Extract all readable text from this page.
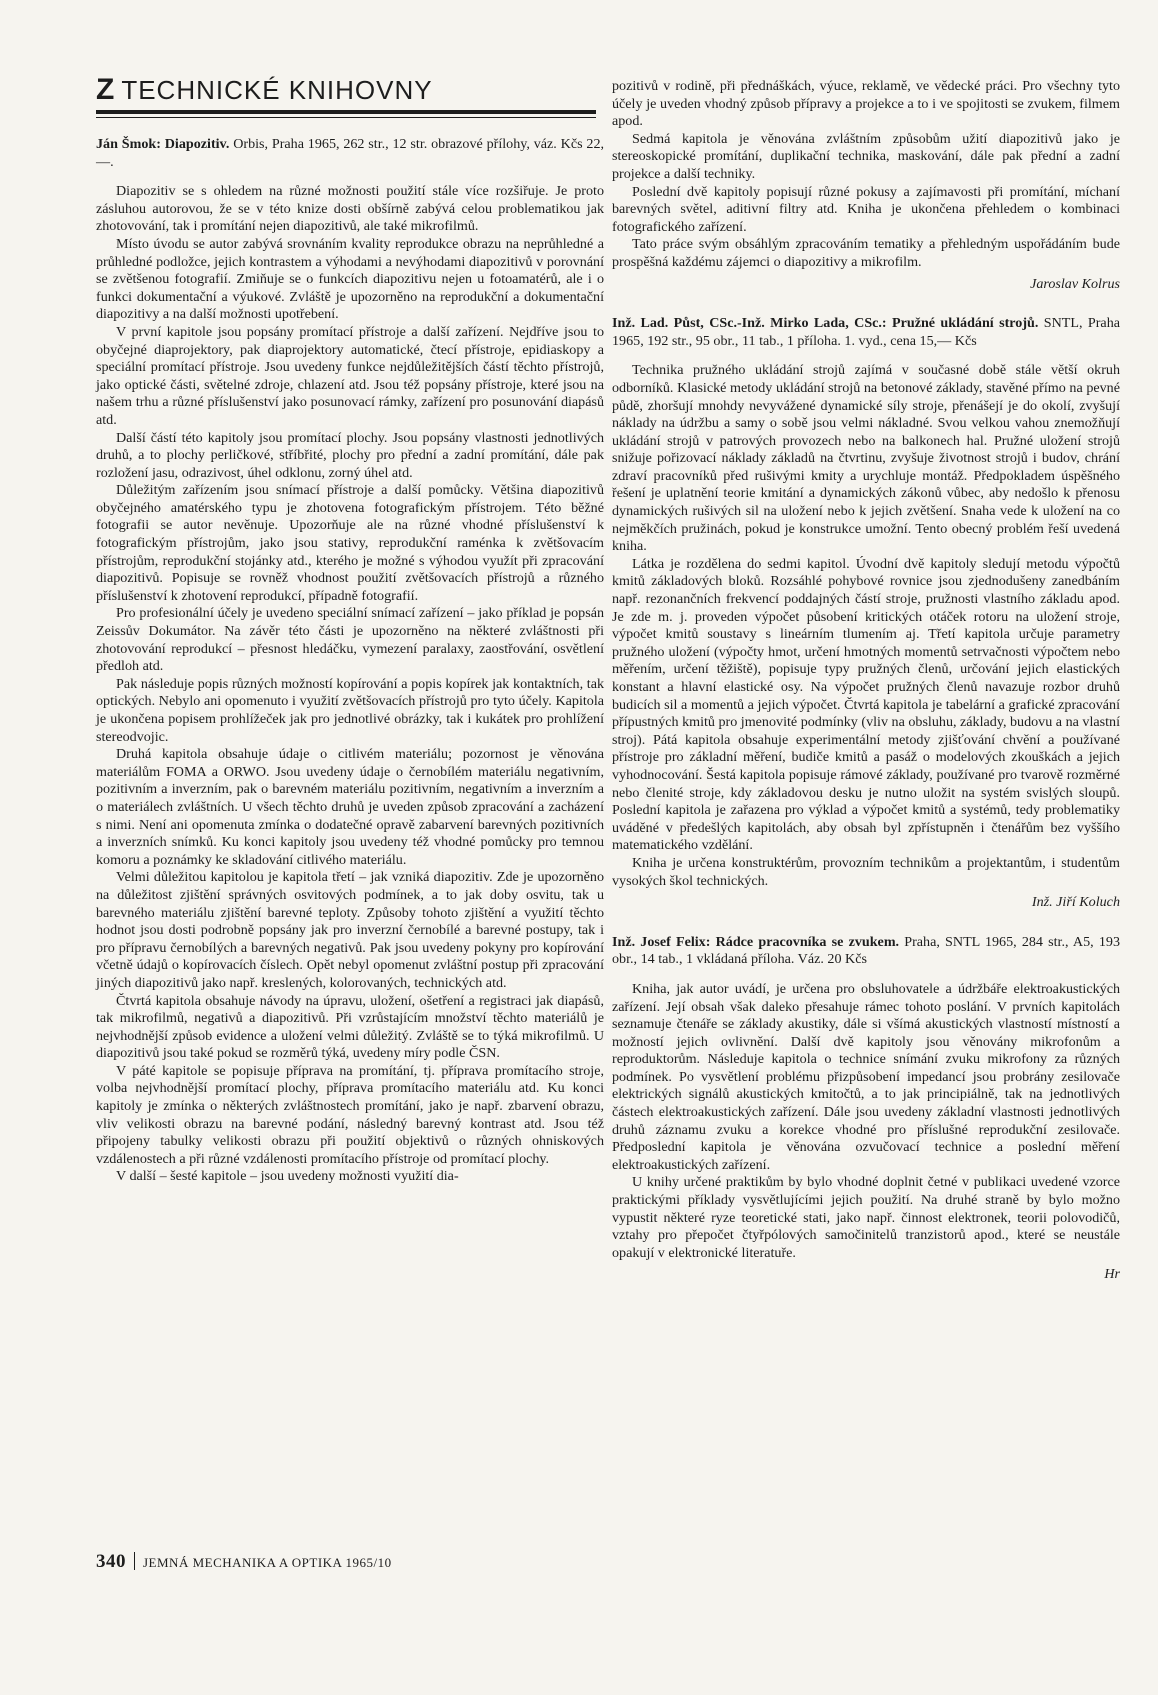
Z TECHNICKÉ KNIHOVNY

Ján Šmok: Diapozitiv. Orbis, Praha 1965, 262 str., 12 str. obrazové přílohy, váz. Kčs 22,—.

Diapozitiv se s ohledem na různé možnosti použití stále více rozšiřuje. Je proto zásluhou autorovou, že se v této knize dosti obšírně zabývá celou problematikou jak zhotovování, tak i promítání nejen diapozitivů, ale také mikrofilmů.

Místo úvodu se autor zabývá srovnáním kvality reprodukce obrazu na neprůhledné a průhledné podložce, jejich kontrastem a výhodami a nevýhodami diapozitivů v porovnání se zvětšenou fotografií. Zmiňuje se o funkcích diapozitivu nejen u fotoamatérů, ale i o funkci dokumentační a výukové. Zvláště je upozorněno na reprodukční a dokumentační diapozitivy a na další možnosti upotřebení.

V první kapitole jsou popsány promítací přístroje a další zařízení. Nejdříve jsou to obyčejné diaprojektory, pak diaprojektory automatické, čtecí přístroje, epidiaskopy a speciální promítací přístroje. Jsou uvedeny funkce nejdůležitějších částí těchto přístrojů, jako optické části, světelné zdroje, chlazení atd. Jsou též popsány přístroje, které jsou na našem trhu a různé příslušenství jako posunovací rámky, zařízení pro posunování diapásů atd.

Další částí této kapitoly jsou promítací plochy. Jsou popsány vlastnosti jednotlivých druhů, a to plochy perličkové, stříbřité, plochy pro přední a zadní promítání, dále pak rozložení jasu, odrazivost, úhel odklonu, zorný úhel atd.

Důležitým zařízením jsou snímací přístroje a další pomůcky. Většina diapozitivů obyčejného amatérského typu je zhotovena fotografickým přístrojem. Této běžné fotografii se autor nevěnuje. Upozorňuje ale na různé vhodné příslušenství k fotografickým přístrojům, jako jsou stativy, reprodukční raménka k zvětšovacím přístrojům, reprodukční stojánky atd., kterého je možné s výhodou využít při zpracování diapozitivů. Popisuje se rovněž vhodnost použití zvětšovacích přístrojů a různého příslušenství k zhotovení reprodukcí, případně fotografií.

Pro profesionální účely je uvedeno speciální snímací zařízení – jako příklad je popsán Zeissův Dokumátor. Na závěr této části je upozorněno na některé zvláštnosti při zhotovování reprodukcí – přesnost hledáčku, vymezení paralaxy, zaostřování, osvětlení předloh atd.

Pak následuje popis různých možností kopírování a popis kopírek jak kontaktních, tak optických. Nebylo ani opomenuto i využití zvětšovacích přístrojů pro tyto účely. Kapitola je ukončena popisem prohlížeček jak pro jednotlivé obrázky, tak i kukátek pro prohlížení stereodvojic.

Druhá kapitola obsahuje údaje o citlivém materiálu; pozornost je věnována materiálům FOMA a ORWO. Jsou uvedeny údaje o černobílém materiálu negativním, pozitivním a inverzním, pak o barevném materiálu pozitivním, negativním a inverzním a o materiálech zvláštních. U všech těchto druhů je uveden způsob zpracování a zacházení s nimi. Není ani opomenuta zmínka o dodatečné opravě zabarvení barevných pozitivních a inverzních snímků. Ku konci kapitoly jsou uvedeny též vhodné pomůcky pro temnou komoru a poznámky ke skladování citlivého materiálu.

Velmi důležitou kapitolou je kapitola třetí – jak vzniká diapozitiv. Zde je upozorněno na důležitost zjištění správných osvitových podmínek, a to jak doby osvitu, tak u barevného materiálu zjištění barevné teploty. Způsoby tohoto zjištění a využití těchto hodnot jsou dosti podrobně popsány jak pro inverzní černobílé a barevné postupy, tak i pro přípravu černobílých a barevných negativů. Pak jsou uvedeny pokyny pro kopírování včetně údajů o kopírovacích číslech. Opět nebyl opomenut zvláštní postup při zpracování jiných diapozitivů jako např. kreslených, kolorovaných, technických atd.

Čtvrtá kapitola obsahuje návody na úpravu, uložení, ošetření a registraci jak diapásů, tak mikrofilmů, negativů a diapozitivů. Při vzrůstajícím množství těchto materiálů je nejvhodnější způsob evidence a uložení velmi důležitý. Zvláště se to týká mikrofilmů. U diapozitivů jsou také pokud se rozměrů týká, uvedeny míry podle ČSN.

V páté kapitole se popisuje příprava na promítání, tj. příprava promítacího stroje, volba nejvhodnější promítací plochy, příprava promítacího materiálu atd. Ku konci kapitoly je zmínka o některých zvláštnostech promítání, jako je např. zbarvení obrazu, vliv velikosti obrazu na barevné podání, následný barevný kontrast atd. Jsou též připojeny tabulky velikosti obrazu při použití objektivů o různých ohniskových vzdálenostech a při různé vzdálenosti promítacího přístroje od promítací plochy.

V další – šesté kapitole – jsou uvedeny možnosti využití dia-

pozitivů v rodině, při přednáškách, výuce, reklamě, ve vědecké práci. Pro všechny tyto účely je uveden vhodný způsob přípravy a projekce a to i ve spojitosti se zvukem, filmem apod.

Sedmá kapitola je věnována zvláštním způsobům užití diapozitivů jako je stereoskopické promítání, duplikační technika, maskování, dále pak přední a zadní projekce a další techniky.

Poslední dvě kapitoly popisují různé pokusy a zajímavosti při promítání, míchaní barevných světel, aditivní filtry atd. Kniha je ukončena přehledem o kombinaci fotografického zařízení.

Tato práce svým obsáhlým zpracováním tematiky a přehledným uspořádáním bude prospěšná každému zájemci o diapozitivy a mikrofilm.

Jaroslav Kolrus

Inž. Lad. Půst, CSc.-Inž. Mirko Lada, CSc.: Pružné ukládání strojů. SNTL, Praha 1965, 192 str., 95 obr., 11 tab., 1 příloha. 1. vyd., cena 15,— Kčs

Technika pružného ukládání strojů zajímá v současné době stále větší okruh odborníků. Klasické metody ukládání strojů na betonové základy, stavěné přímo na pevné půdě, zhoršují mnohdy nevyvážené dynamické síly stroje, přenášejí je do okolí, zvyšují náklady na údržbu a samy o sobě jsou velmi nákladné. Svou velkou vahou znemožňují ukládání strojů v patrových provozech nebo na balkonech hal. Pružné uložení strojů snižuje pořizovací náklady základů na čtvrtinu, zvyšuje životnost strojů i budov, chrání zdraví pracovníků před rušivými kmity a urychluje montáž. Předpokladem úspěšného řešení je uplatnění teorie kmitání a dynamických zákonů vůbec, aby nedošlo k přenosu dynamických rušivých sil na uložení nebo k jejich zvětšení. Snaha vede k uložení na co nejměkčích pružinách, pokud je konstrukce umožní. Tento obecný problém řeší uvedená kniha.

Látka je rozdělena do sedmi kapitol. Úvodní dvě kapitoly sledují metodu výpočtů kmitů základových bloků. Rozsáhlé pohybové rovnice jsou zjednodušeny zanedbáním např. rezonančních frekvencí poddajných částí stroje, pružnosti vlastního základu apod. Je zde m. j. proveden výpočet působení kritických otáček rotoru na uložení stroje, výpočet kmitů soustavy s lineárním tlumením aj. Třetí kapitola určuje parametry pružného uložení (výpočty hmot, určení hmotných momentů setrvačnosti výpočtem nebo měřením, určení těžiště), popisuje typy pružných členů, určování jejich elastických konstant a hlavní elastické osy. Na výpočet pružných členů navazuje rozbor druhů budicích sil a momentů a jejich výpočet. Čtvrtá kapitola je tabelární a grafické zpracování přípustných kmitů pro jmenovité podmínky (vliv na obsluhu, základy, budovu a na vlastní stroj). Pátá kapitola obsahuje experimentální metody zjišťování chvění a používané přístroje pro základní měření, budiče kmitů a pasáž o modelových zkouškách a jejich vyhodnocování. Šestá kapitola popisuje rámové základy, používané pro tvarově rozměrné nebo členité stroje, kdy základovou desku je nutno uložit na systém svislých sloupů. Poslední kapitola je zařazena pro výklad a výpočet kmitů a systémů, tedy problematiky uváděné v předešlých kapitolách, aby obsah byl zpřístupněn i čtenářům bez vyššího matematického vzdělání.

Kniha je určena konstruktérům, provozním technikům a projektantům, i studentům vysokých škol technických.

Inž. Jiří Koluch

Inž. Josef Felix: Rádce pracovníka se zvukem. Praha, SNTL 1965, 284 str., A5, 193 obr., 14 tab., 1 vkládaná příloha. Váz. 20 Kčs

Kniha, jak autor uvádí, je určena pro obsluhovatele a údržbáře elektroakustických zařízení. Její obsah však daleko přesahuje rámec tohoto poslání. V prvních kapitolách seznamuje čtenáře se základy akustiky, dále si všímá akustických vlastností místností a možností jejich ovlivnění. Další dvě kapitoly jsou věnovány mikrofonům a reproduktorům. Následuje kapitola o technice snímání zvuku mikrofony za různých podmínek. Po vysvětlení problému přizpůsobení impedancí jsou probrány zesilovače elektrických signálů akustických kmitočtů, a to jak principiálně, tak na jednotlivých částech elektroakustických zařízení. Dále jsou uvedeny základní vlastnosti jednotlivých druhů záznamu zvuku a korekce vhodné pro příslušné reprodukční zesilovače. Předposlední kapitola je věnována ozvučovací technice a poslední měření elektroakustických zařízení.

U knihy určené praktikům by bylo vhodné doplnit četné v publikaci uvedené vzorce praktickými příklady vysvětlujícími jejich použití. Na druhé straně by bylo možno vypustit některé ryze teoretické stati, jako např. činnost elektronek, teorii polovodičů, vztahy pro přepočet čtyřpólových samočinitelů tranzistorů apod., které se neustále opakují v elektronické literatuře.

Hr

340 JEMNÁ MECHANIKA A OPTIKA 1965/10
